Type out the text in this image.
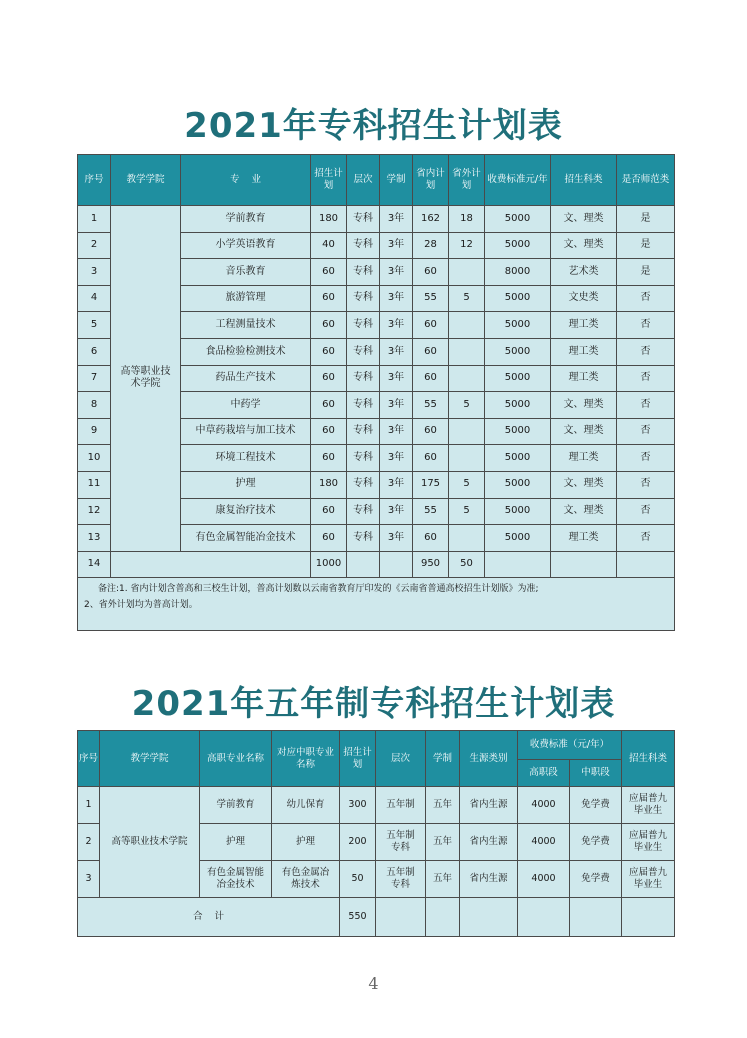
2021年专科招生计划表
序号	教学学院	专    业	招生计划	层次	学制	省内计划	省外计划	收费标准元/年	招生科类	是否师范类
1	高等职业技术学院	学前教育	180	专科	3年	162	18	5000	文、理类	是
2		小学英语教育	40	专科	3年	28	12	5000	文、理类	是
3		音乐教育	60	专科	3年	60		8000	艺术类	是
4		旅游管理	60	专科	3年	55	5	5000	文史类	否
5		工程测量技术	60	专科	3年	60		5000	理工类	否
6		食品检验检测技术	60	专科	3年	60		5000	理工类	否
7		药品生产技术	60	专科	3年	60		5000	理工类	否
8		中药学	60	专科	3年	55	5	5000	文、理类	否
9		中草药栽培与加工技术	60	专科	3年	60		5000	文、理类	否
10		环境工程技术	60	专科	3年	60		5000	理工类	否
11		护理	180	专科	3年	175	5	5000	文、理类	否
12		康复治疗技术	60	专科	3年	55	5	5000	文、理类	否
13		有色金属智能冶金技术	60	专科	3年	60		5000	理工类	否
14			1000			950	50			

备注:1. 省内计划含普高和三校生计划，普高计划数以云南省教育厅印发的《云南省普通高校招生计划版》为准;
2、省外计划均为普高计划。										
2021年五年制专科招生计划表
序号	教学学院	高职专业名称	对应中职专业名称	招生计划	层次	学制	生源类别	收费标准（元/年）		招生科类
								高职段	中职段	
1	高等职业技术学院	学前教育	幼儿保育	300	五年制	五年	省内生源	4000	免学费	应届普九毕业生
2		护理	护理	200	五年制专科	五年	省内生源	4000	免学费	应届普九毕业生
3		有色金属智能冶金技术	有色金属冶炼技术	50	五年制专科	五年	省内生源	4000	免学费	应届普九毕业生
合    计				550						
4
